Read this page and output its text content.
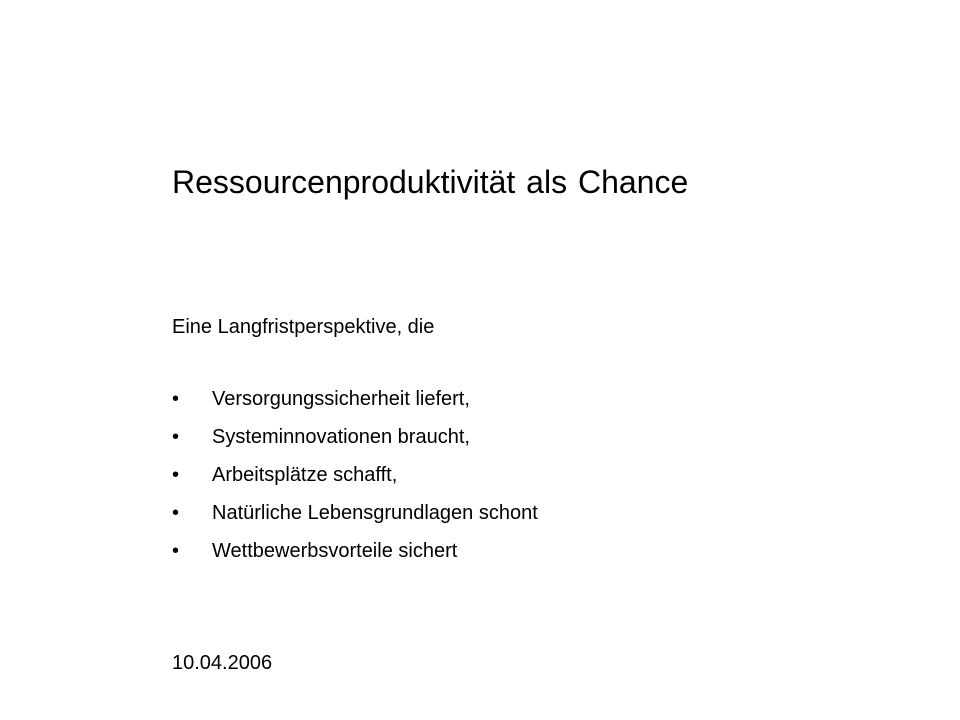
Ressourcenproduktivität als Chance
Eine Langfristperspektive, die
•	Versorgungssicherheit liefert,
•	Systeminnovationen braucht,
•	Arbeitsplätze schafft,
•	Natürliche Lebensgrundlagen schont
•	Wettbewerbsvorteile sichert
10.04.2006
